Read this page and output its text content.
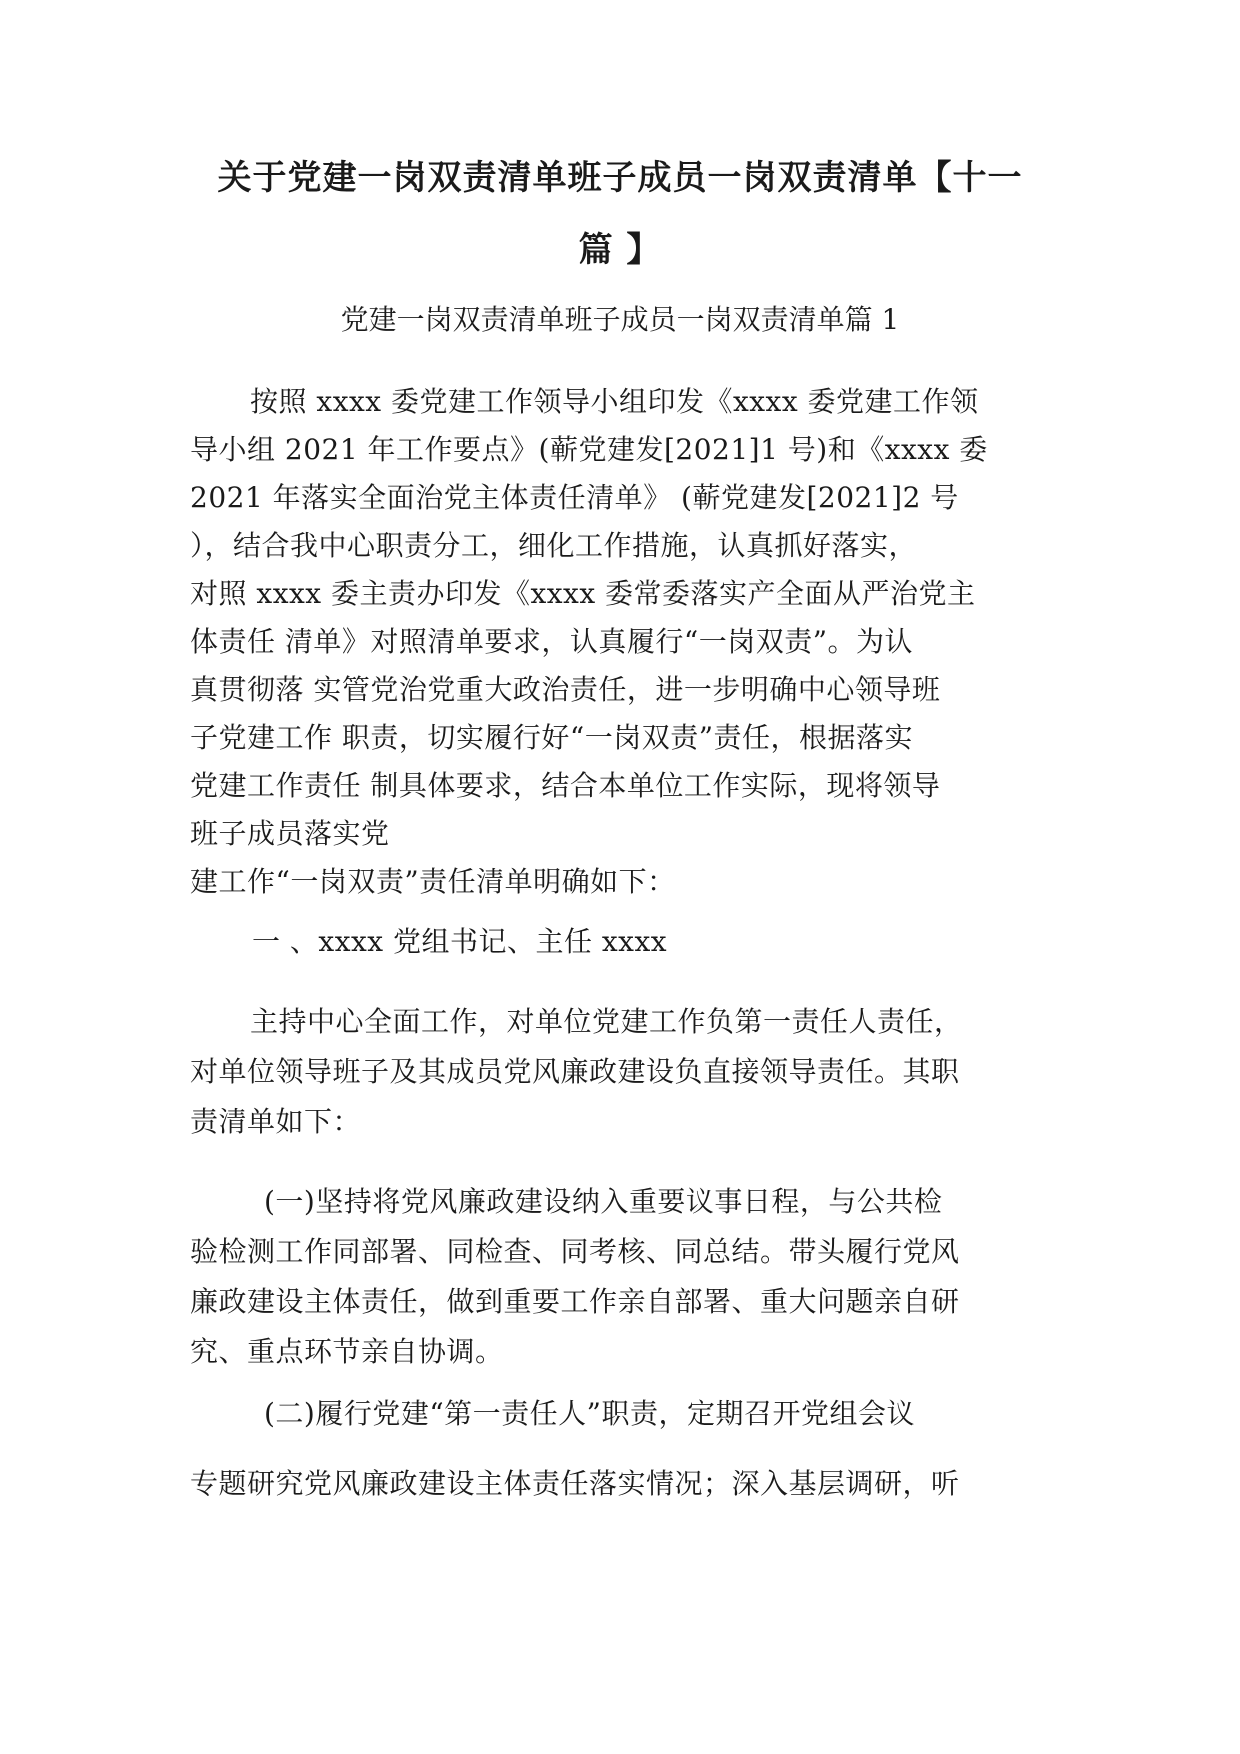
关于党建一岗双责清单班子成员一岗双责清单【十一
篇 】
党建一岗双责清单班子成员一岗双责清单篇 1
按照 xxxx 委党建工作领导小组印发《xxxx 委党建工作领
导小组 2021 年工作要点》(蕲党建发[2021]1 号)和《xxxx 委
2021 年落实全面治党主体责任清单》 (蕲党建发[2021]2 号
），结合我中心职责分工，细化工作措施，认真抓好落实，
对照 xxxx 委主责办印发《xxxx 委常委落实产全面从严治党主
体责任 清单》对照清单要求，认真履行“一岗双责”。为认
真贯彻落 实管党治党重大政治责任，进一步明确中心领导班
子党建工作 职责，切实履行好“一岗双责”责任，根据落实
党建工作责任 制具体要求，结合本单位工作实际，现将领导
班子成员落实党
建工作“一岗双责”责任清单明确如下：
一 、xxxx 党组书记、主任 xxxx
主持中心全面工作，对单位党建工作负第一责任人责任，
对单位领导班子及其成员党风廉政建设负直接领导责任。其职
责清单如下：
(一)坚持将党风廉政建设纳入重要议事日程，与公共检
验检测工作同部署、同检查、同考核、同总结。带头履行党风
廉政建设主体责任，做到重要工作亲自部署、重大问题亲自研
究、重点环节亲自协调。
(二)履行党建“第一责任人”职责，定期召开党组会议
专题研究党风廉政建设主体责任落实情况；深入基层调研，听
